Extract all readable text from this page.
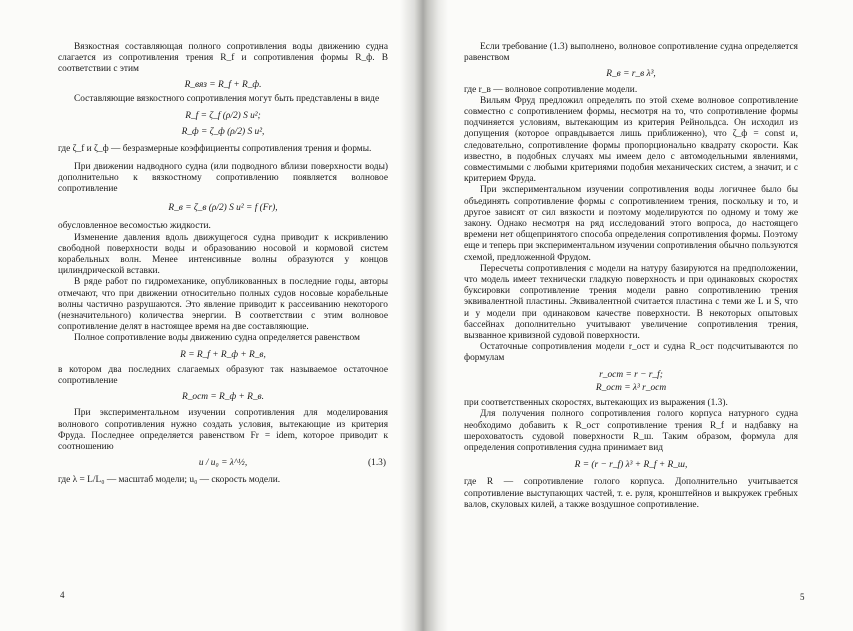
Вязкостная составляющая полного сопротивления воды движению судна слагается из сопротивления трения R_f и сопротивления формы R_ф. В соответствии с этим

R_вяз = R_f + R_ф.

Составляющие вязкостного сопротивления могут быть представлены в виде

R_f = ζ_f (ρ/2) S u²;

R_ф = ζ_ф (ρ/2) S u²,

где ζ_f и ζ_ф — безразмерные коэффициенты сопротивления трения и формы.

При движении надводного судна (или подводного вблизи поверхности воды) дополнительно к вязкостному сопротивлению появляется волновое сопротивление

R_в = ζ_в (ρ/2) S u² = f (Fr),

обусловленное весомостью жидкости.

Изменение давления вдоль движущегося судна приводит к искривлению свободной поверхности воды и образованию носовой и кормовой систем корабельных волн. Менее интенсивные волны образуются у концов цилиндрической вставки.

В ряде работ по гидромеханике, опубликованных в последние годы, авторы отмечают, что при движении относительно полных судов носовые корабельные волны частично разрушаются. Это явление приводит к рассеиванию некоторого (незначительного) количества энергии. В соответствии с этим волновое сопротивление делят в настоящее время на две составляющие.

Полное сопротивление воды движению судна определяется равенством

R = R_f + R_ф + R_в,

в котором два последних слагаемых образуют так называемое остаточное сопротивление

R_ост = R_ф + R_в.

При экспериментальном изучении сопротивления для моделирования волнового сопротивления нужно создать условия, вытекающие из критерия Фруда. Последнее определяется равенством Fr = idem, которое приводит к соотношению

u / u₀ = λ^½,	(1.3)

где λ = L/L₀ — масштаб модели; u₀ — скорость модели.

4

Если требование (1.3) выполнено, волновое сопротивление судна определяется равенством

R_в = r_в λ³,

где r_в — волновое сопротивление модели.

Вильям Фруд предложил определять по этой схеме волновое сопротивление совместно с сопротивлением формы, несмотря на то, что сопротивление формы подчиняется условиям, вытекающим из критерия Рейнольдса. Он исходил из допущения (которое оправдывается лишь приближенно), что ζ_ф = const и, следовательно, сопротивление формы пропорционально квадрату скорости. Как известно, в подобных случаях мы имеем дело с автомодельными явлениями, совместимыми с любыми критериями подобия механических систем, а значит, и с критерием Фруда.

При экспериментальном изучении сопротивления воды логичнее было бы объединять сопротивление формы с сопротивлением трения, поскольку и то, и другое зависят от сил вязкости и поэтому моделируются по одному и тому же закону. Однако несмотря на ряд исследований этого вопроса, до настоящего времени нет общепринятого способа определения сопротивления формы. Поэтому еще и теперь при экспериментальном изучении сопротивления обычно пользуются схемой, предложенной Фрудом.

Пересчеты сопротивления с модели на натуру базируются на предположении, что модель имеет технически гладкую поверхность и при одинаковых скоростях буксировки сопротивление трения модели равно сопротивлению трения эквивалентной пластины. Эквивалентной считается пластина с теми же L и S, что и у модели при одинаковом качестве поверхности. В некоторых опытовых бассейнах дополнительно учитывают увеличение сопротивления трения, вызванное кривизной судовой поверхности.

Остаточные сопротивления модели r_ост и судна R_ост подсчитываются по формулам

r_ост = r − r_f;

R_ост = λ³ r_ост

при соответственных скоростях, вытекающих из выражения (1.3).

Для получения полного сопротивления голого корпуса натурного судна необходимо добавить к R_ост сопротивление трения R_f и надбавку на шероховатость судовой поверхности R_ш. Таким образом, формула для определения сопротивления судна принимает вид

R = (r − r_f) λ³ + R_f + R_ш,

где R — сопротивление голого корпуса. Дополнительно учитывается сопротивление выступающих частей, т. е. руля, кронштейнов и выкружек гребных валов, скуловых килей, а также воздушное сопротивление.

5
